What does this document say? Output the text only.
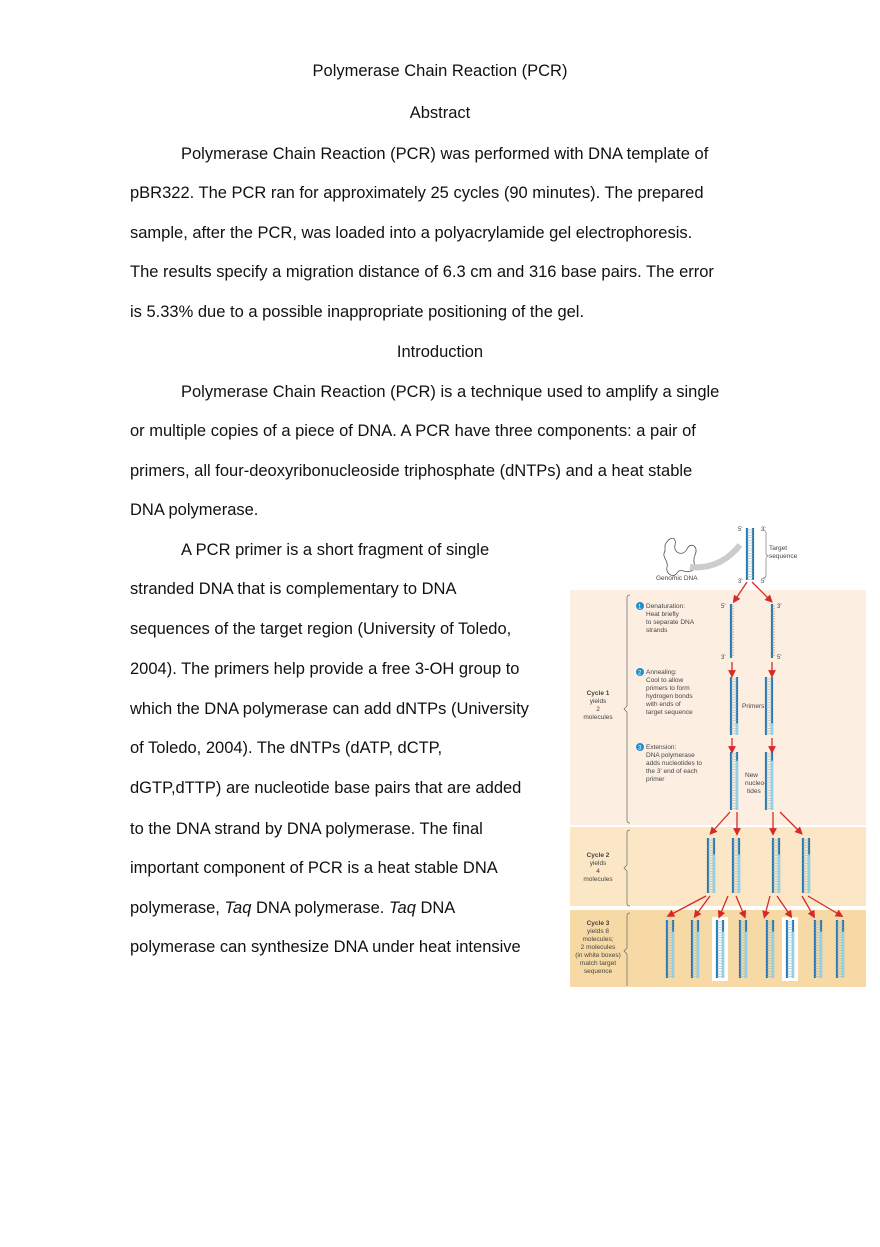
Polymerase Chain Reaction (PCR)
Abstract
Polymerase Chain Reaction (PCR) was performed with DNA template of
pBR322. The PCR ran for approximately 25 cycles (90 minutes). The prepared
sample, after the PCR, was loaded into a polyacrylamide gel electrophoresis.
The results specify a migration distance of 6.3 cm and 316 base pairs. The error
is 5.33% due to a possible inappropriate positioning of the gel.
Introduction
Polymerase Chain Reaction (PCR) is a technique used to amplify a single
or multiple copies of a piece of DNA. A PCR have three components: a pair of
primers, all four-deoxyribonucleoside triphosphate (dNTPs) and a heat stable
DNA polymerase.
A PCR primer is a short fragment of single
stranded DNA that is complementary to DNA
sequences of the target region (University of Toledo,
2004). The primers help provide a free 3-OH group to
which the DNA polymerase can add dNTPs (University
of Toledo, 2004). The dNTPs (dATP, dCTP,
dGTP,dTTP) are nucleotide base pairs that are added
to the DNA strand by DNA polymerase. The final
important component of PCR is a heat stable DNA
polymerase, Taq DNA polymerase. Taq DNA
polymerase can synthesize DNA under heat intensive
Genomic DNA
Target
sequence
5'	3'
3'	5'
Cycle 1
yields
2
molecules
Cycle 2
yields
4
molecules
Cycle 3
yields 8
molecules;
2 molecules
(in white boxes)
match target
sequence
1 Denaturation:
Heat briefly
to separate DNA
strands
2 Annealing:
Cool to allow
primers to form
hydrogen bonds
with ends of
target sequence
3 Extension:
DNA polymerase
adds nucleotides to
the 3' end of each
primer
Primers
New
nucleo-
tides
5'	3'
3'	5'
